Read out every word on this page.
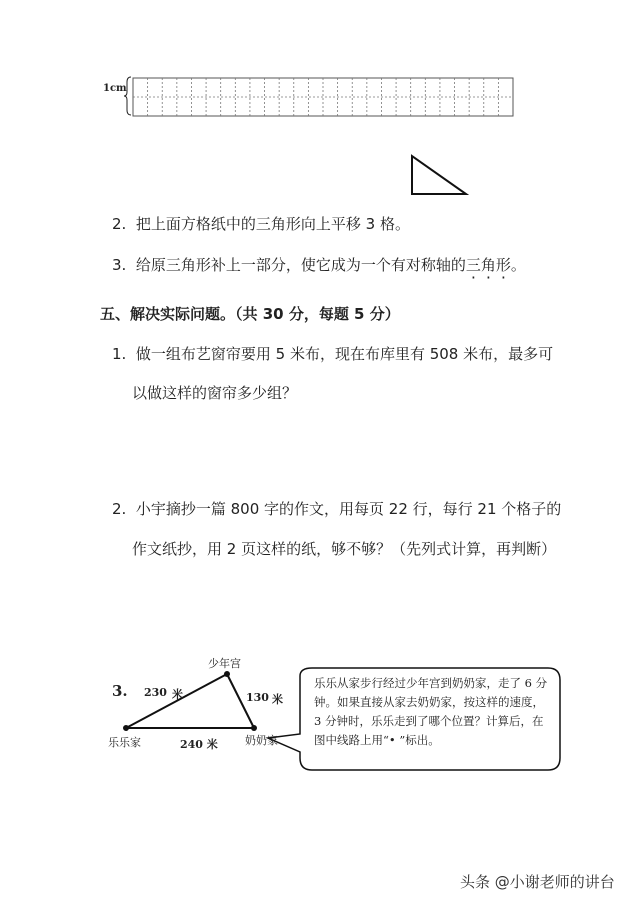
1cm
2. 把上面方格纸中的三角形向上平移 3 格。
3. 给原三角形补上一部分，使它成为一个有对称轴的三角形。
五、解决实际问题。（共 30 分，每题 5 分）
1. 做一组布艺窗帘要用 5 米布，现在布库里有 508 米布，最多可
以做这样的窗帘多少组？
2. 小宇摘抄一篇 800 字的作文，用每页 22 行，每行 21 个格子的
作文纸抄，用 2 页这样的纸，够不够？（先列式计算，再判断）
3.
少年宫
乐乐家	奶奶家
230 米	130 米
240 米
乐乐从家步行经过少年宫到奶奶家，走了 6 分钟。如果直接从家去奶奶家，按这样的速度，3 分钟时，乐乐走到了哪个位置？计算后，在图中线路上用“• ”标出。
头条 @小谢老师的讲台
